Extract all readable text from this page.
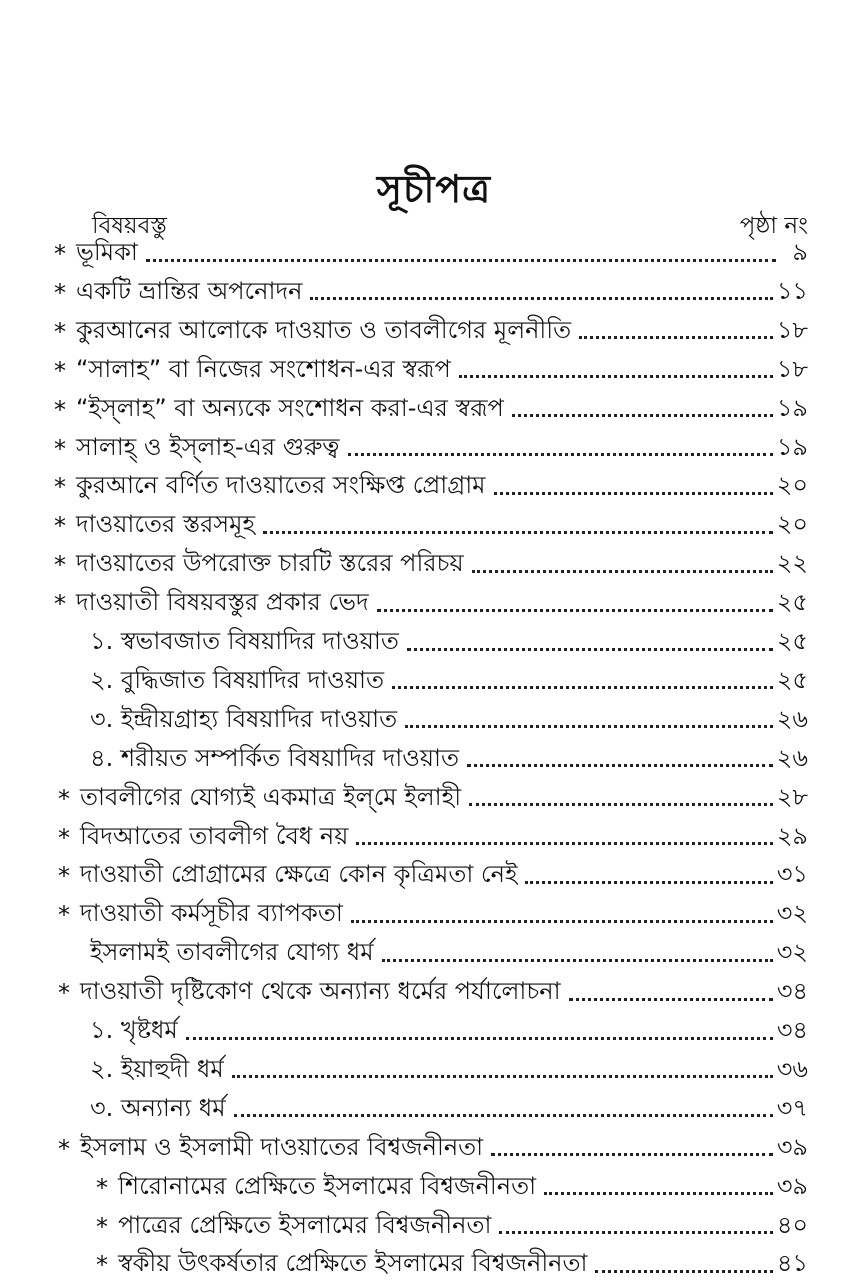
সূচীপত্র
বিষয়বস্তু	পৃষ্ঠা নং
* ভূমিকা	৯
* একটি ভ্রান্তির অপনোদন	১১
* কুরআনের আলোকে দাওয়াত ও তাবলীগের মূলনীতি	১৮
* “সালাহ” বা নিজের সংশোধন-এর স্বরূপ	১৮
* “ইস্‌লাহ” বা অন্যকে সংশোধন করা-এর স্বরূপ	১৯
* সালাহ্ ও ইস্‌লাহ-এর গুরুত্ব	১৯
* কুরআনে বর্ণিত দাওয়াতের সংক্ষিপ্ত প্রোগ্রাম	২০
* দাওয়াতের স্তরসমূহ	২০
* দাওয়াতের উপরোক্ত চারটি স্তরের পরিচয়	২২
* দাওয়াতী বিষয়বস্তুর প্রকার ভেদ	২৫
১. স্বভাবজাত বিষয়াদির দাওয়াত	২৫
২. বুদ্ধিজাত বিষয়াদির দাওয়াত	২৫
৩. ইন্দ্রীয়গ্রাহ্য বিষয়াদির দাওয়াত	২৬
৪. শরীয়ত সম্পর্কিত বিষয়াদির দাওয়াত	২৬
* তাবলীগের যোগ্যই একমাত্র ইল্‌মে ইলাহী	২৮
* বিদআতের তাবলীগ বৈধ নয়	২৯
* দাওয়াতী প্রোগ্রামের ক্ষেত্রে কোন কৃত্রিমতা নেই	৩১
* দাওয়াতী কর্মসূচীর ব্যাপকতা	৩২
ইসলামই তাবলীগের যোগ্য ধর্ম	৩২
* দাওয়াতী দৃষ্টিকোণ থেকে অন্যান্য ধর্মের পর্যালোচনা	৩৪
১. খৃষ্টধর্ম	৩৪
২. ইয়াহুদী ধর্ম	৩৬
৩. অন্যান্য ধর্ম	৩৭
* ইসলাম ও ইসলামী দাওয়াতের বিশ্বজনীনতা	৩৯
* শিরোনামের প্রেক্ষিতে ইসলামের বিশ্বজনীনতা	৩৯
* পাত্রের প্রেক্ষিতে ইসলামের বিশ্বজনীনতা	৪০
* স্বকীয় উৎকর্ষতার প্রেক্ষিতে ইসলামের বিশ্বজনীনতা	৪১
